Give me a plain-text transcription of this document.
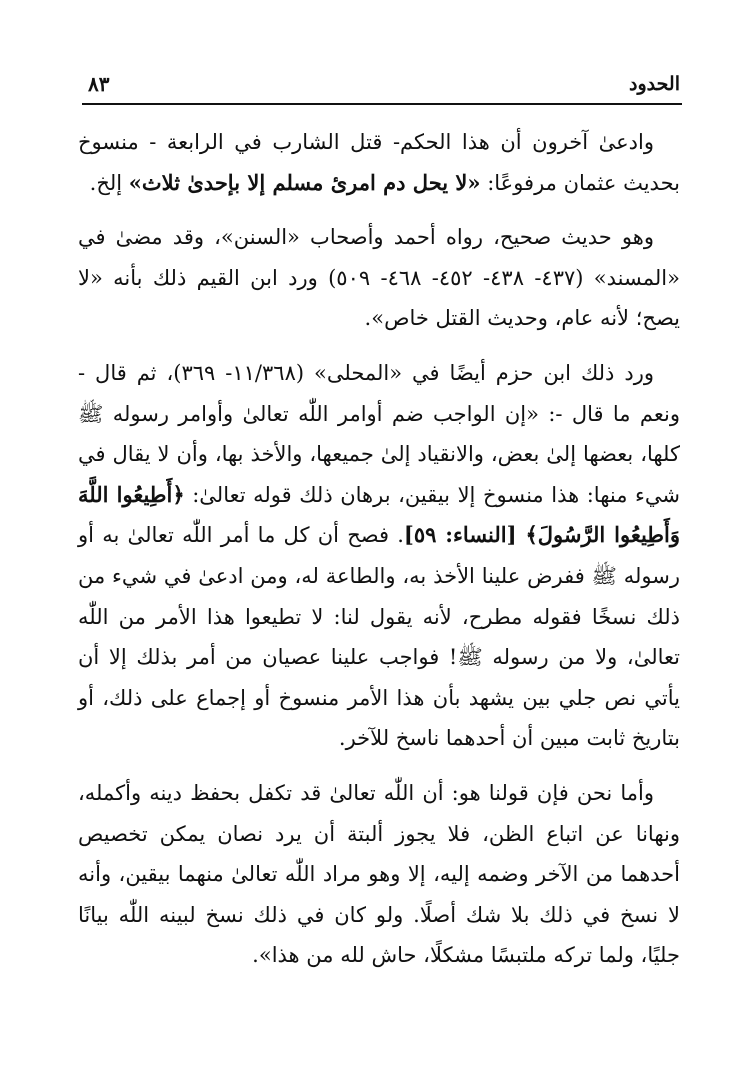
الحدود
٨٣

وادعىٰ آخرون أن هذا الحكم- قتل الشارب في الرابعة - منسوخ بحديث عثمان مرفوعًا: «لا يحل دم امرئ مسلم إلا بإحدىٰ ثلاث» إلخ.

وهو حديث صحيح، رواه أحمد وأصحاب «السنن»، وقد مضىٰ في «المسند» (٤٣٧- ٤٣٨- ٤٥٢- ٤٦٨- ٥٠٩) ورد ابن القيم ذلك بأنه «لا يصح؛ لأنه عام، وحديث القتل خاص».

ورد ذلك ابن حزم أيضًا في «المحلى» (١١/٣٦٨- ٣٦٩)، ثم قال - ونعم ما قال -: «إن الواجب ضم أوامر اللّٰه تعالىٰ وأوامر رسوله ﷺ كلها، بعضها إلىٰ بعض، والانقياد إلىٰ جميعها، والأخذ بها، وأن لا يقال في شيء منها: هذا منسوخ إلا بيقين، برهان ذلك قوله تعالىٰ: ﴿أَطِيعُوا اللَّهَ وَأَطِيعُوا الرَّسُولَ﴾ [النساء: ٥٩]. فصح أن كل ما أمر اللّٰه تعالىٰ به أو رسوله ﷺ ففرض علينا الأخذ به، والطاعة له، ومن ادعىٰ في شيء من ذلك نسخًا فقوله مطرح، لأنه يقول لنا: لا تطيعوا هذا الأمر من اللّٰه تعالىٰ، ولا من رسوله ﷺ! فواجب علينا عصيان من أمر بذلك إلا أن يأتي نص جلي بين يشهد بأن هذا الأمر منسوخ أو إجماع على ذلك، أو بتاريخ ثابت مبين أن أحدهما ناسخ للآخر.

وأما نحن فإن قولنا هو: أن اللّٰه تعالىٰ قد تكفل بحفظ دينه وأكمله، ونهانا عن اتباع الظن، فلا يجوز ألبتة أن يرد نصان يمكن تخصيص أحدهما من الآخر وضمه إليه، إلا وهو مراد اللّٰه تعالىٰ منهما بيقين، وأنه لا نسخ في ذلك بلا شك أصلًا. ولو كان في ذلك نسخ لبينه اللّٰه بيانًا جليًا، ولما تركه ملتبسًا مشكلًا، حاش لله من هذا».
